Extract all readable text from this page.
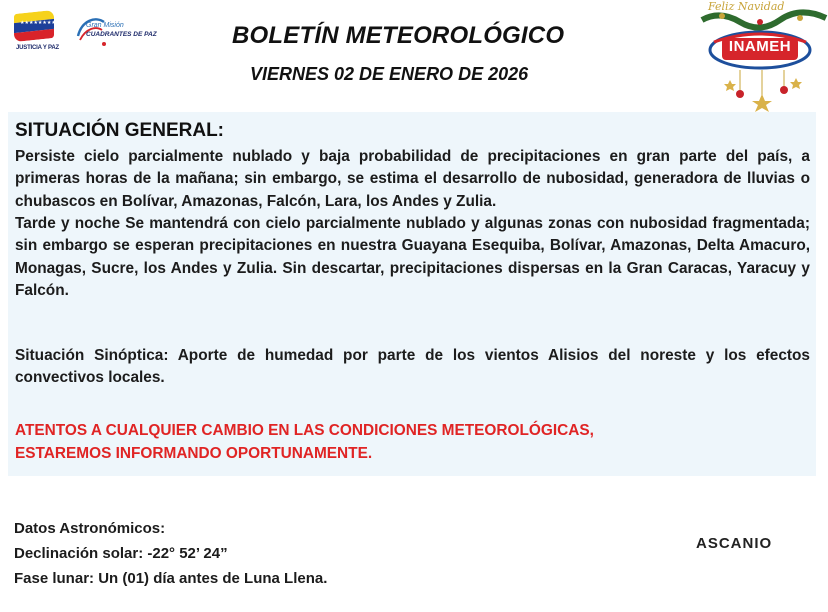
★★★★★★★★
JUSTICIA Y PAZ
Gran Misión
CUADRANTES DE PAZ	BOLETÍN METEOROLÓGICO
VIERNES 02 DE ENERO DE 2026
Feliz Navidad
INAMEH
SITUACIÓN GENERAL:

Persiste cielo parcialmente nublado y baja probabilidad de precipitaciones en gran parte del país, a primeras horas de la mañana; sin embargo, se estima el desarrollo de nubosidad, generadora de lluvias o chubascos en Bolívar, Amazonas, Falcón, Lara, los Andes y Zulia.

Tarde y noche Se mantendrá con cielo parcialmente nublado y algunas zonas con nubosidad fragmentada; sin embargo se esperan precipitaciones en nuestra Guayana Esequiba, Bolívar, Amazonas, Delta Amacuro, Monagas, Sucre, los Andes y Zulia. Sin descartar, precipitaciones dispersas en la Gran Caracas, Yaracuy y Falcón.

Situación Sinóptica: Aporte de humedad por parte de los vientos Alisios del noreste y los efectos convectivos locales.

ATENTOS A CUALQUIER CAMBIO EN LAS CONDICIONES METEOROLÓGICAS,
ESTAREMOS INFORMANDO OPORTUNAMENTE.
Datos Astronómicos:
Declinación solar: -22° 52’ 24”
Fase lunar: Un (01) día antes de Luna Llena.
ASCANIO
